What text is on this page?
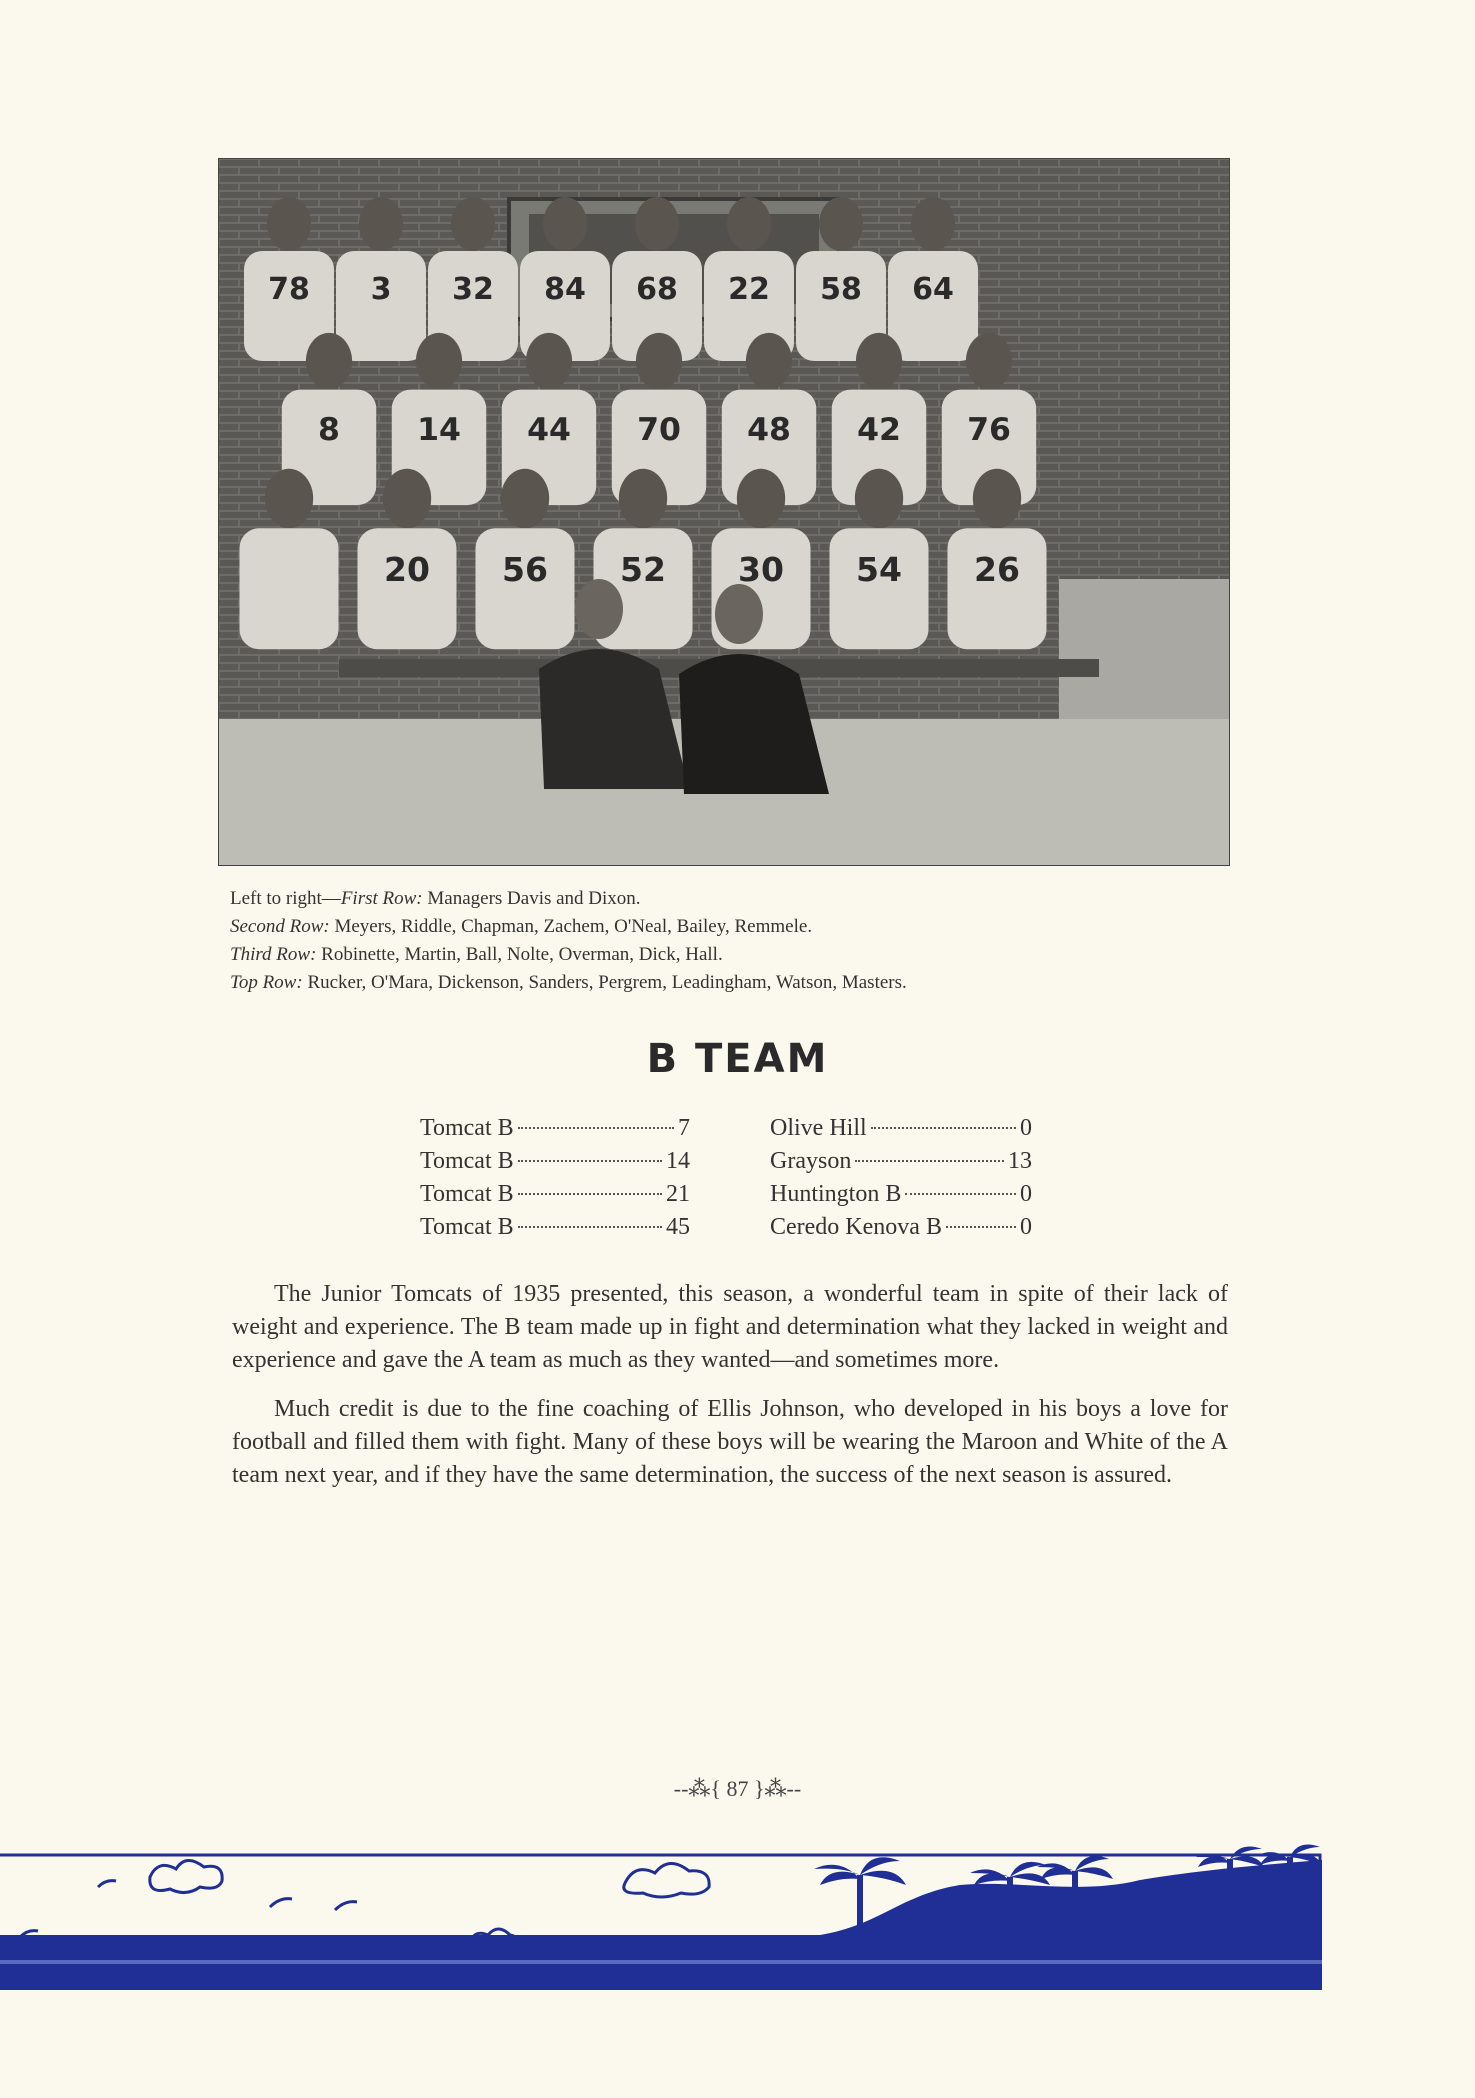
78 3 32 84 68 22 58 64
8 14 44 70 48 42 76
20 56 52 30 54 26
Left to right—First Row: Managers Davis and Dixon.
Second Row: Meyers, Riddle, Chapman, Zachem, O'Neal, Bailey, Remmele.
Third Row: Robinette, Martin, Ball, Nolte, Overman, Dick, Hall.
Top Row: Rucker, O'Mara, Dickenson, Sanders, Pergrem, Leadingham, Watson, Masters.
B TEAM
Tomcat B	7	Olive Hill	0
Tomcat B	14	Grayson	13
Tomcat B	21	Huntington B	0
Tomcat B	45	Ceredo Kenova B	0

The Junior Tomcats of 1935 presented, this season, a wonderful team in spite of their lack of weight and experience. The B team made up in fight and determination what they lacked in weight and experience and gave the A team as much as they wanted—and sometimes more.

Much credit is due to the fine coaching of Ellis Johnson, who developed in his boys a love for football and filled them with fight. Many of these boys will be wearing the Maroon and White of the A team next year, and if they have the same determination, the success of the next season is assured.

--⁂{ 87 }⁂--
